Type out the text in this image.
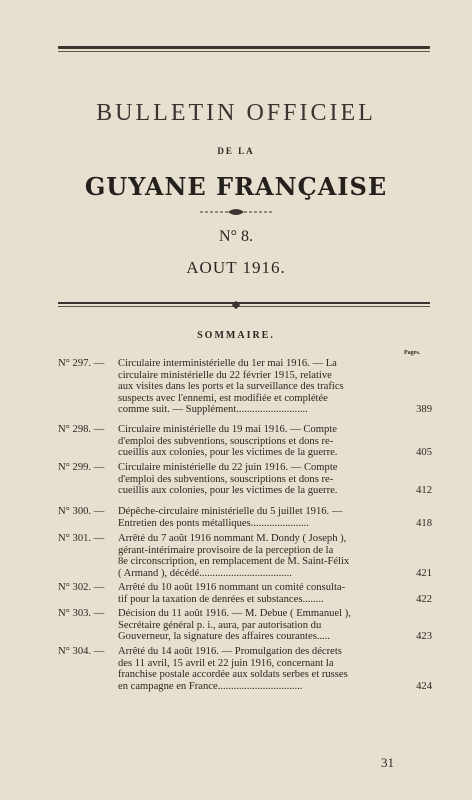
BULLETIN OFFICIEL
DE LA
GUYANE FRANÇAISE
N° 8.
AOUT 1916.
SOMMAIRE.
Pages.
N° 297. —	Circulaire interministérielle du 1er mai 1916. — La
circulaire ministérielle du 22 février 1915, relative
aux visites dans les ports et la surveillance des trafics
suspects avec l'ennemi, est modifiée et complétée
comme suit. — Supplément...........................	389
N° 298. —	Circulaire ministérielle du 19 mai 1916. — Compte
d'emploi des subventions, souscriptions et dons re-
cueillis aux colonies, pour les victimes de la guerre.	405
N° 299. —	Circulaire ministérielle du 22 juin 1916. — Compte
d'emploi des subventions, souscriptions et dons re-
cueillis aux colonies, pour les victimes de la guerre.	412
N° 300. —	Dépêche-circulaire ministérielle du 5 juillet 1916. —
Entretien des ponts métalliques......................	418
N° 301. —	Arrêté du 7 août 1916 nommant M. Dondy ( Joseph ),
gérant-intérimaire provisoire de la perception de la
8e circonscription, en remplacement de M. Saint-Félix
( Armand ), décédé...................................	421
N° 302. —	Arrêté du 10 août 1916 nommant un comité consulta-
tif pour la taxation de denrées et substances........	422
N° 303. —	Décision du 11 août 1916. — M. Debue ( Emmanuel ),
Secrétaire général p. i., aura, par autorisation du
Gouverneur, la signature des affaires courantes.....	423
N° 304. —	Arrêté du 14 août 1916. — Promulgation des décrets
des 11 avril, 15 avril et 22 juin 1916, concernant la
franchise postale accordée aux soldats serbes et russes
en campagne en France................................	424
31
